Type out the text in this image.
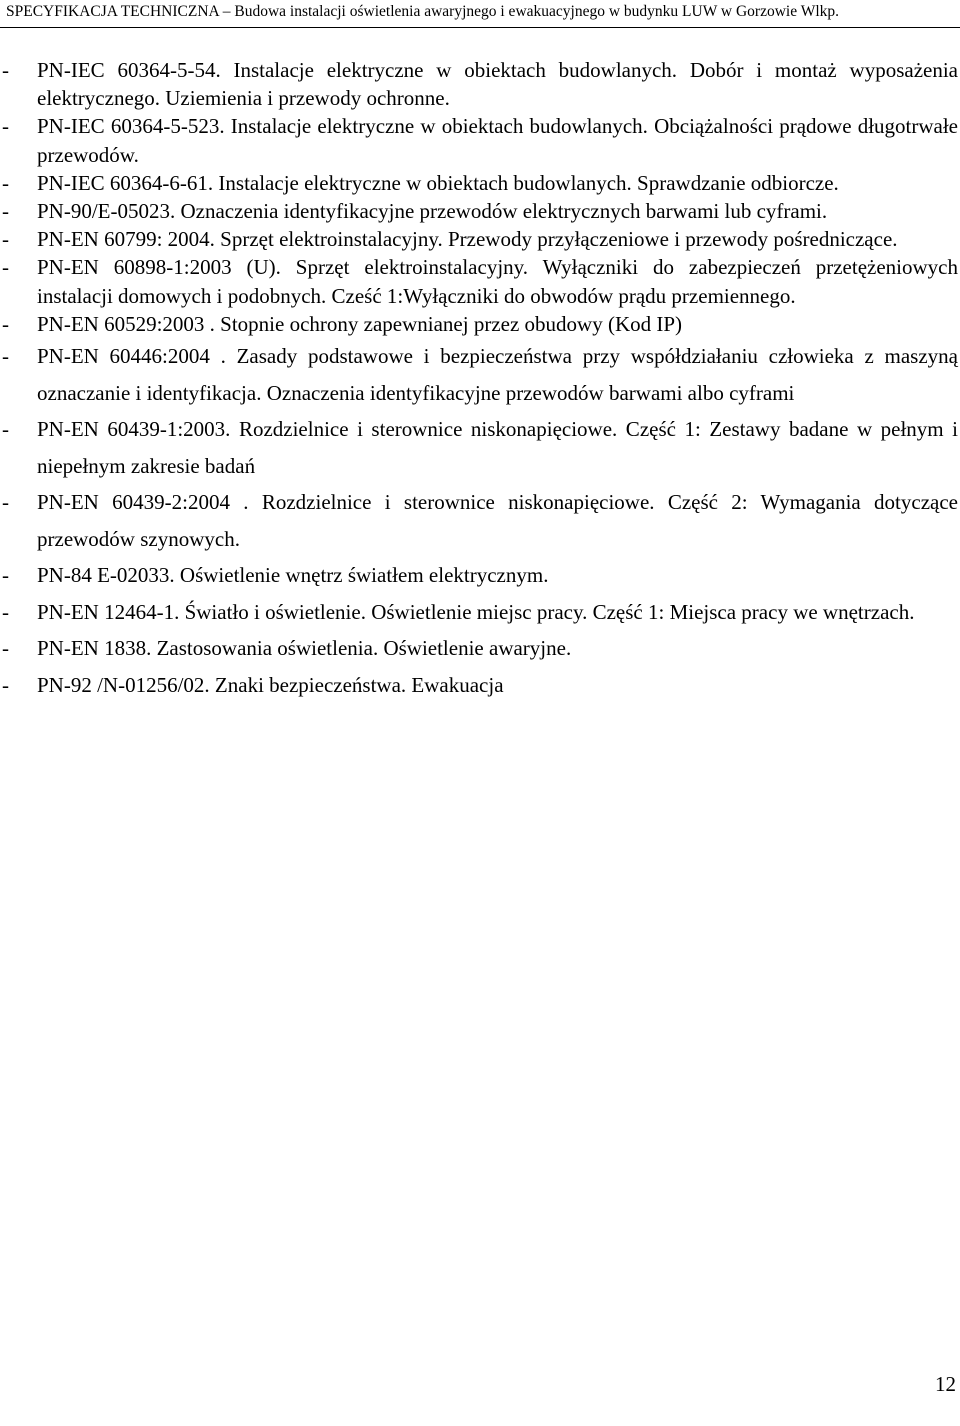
SPECYFIKACJA TECHNICZNA – Budowa instalacji oświetlenia awaryjnego i ewakuacyjnego w budynku LUW w Gorzowie Wlkp.
- PN-IEC 60364-5-54. Instalacje elektryczne w obiektach budowlanych. Dobór i montaż wyposażenia elektrycznego. Uziemienia i przewody ochronne.
- PN-IEC 60364-5-523. Instalacje elektryczne w obiektach budowlanych. Obciążalności prądowe długotrwałe przewodów.
- PN-IEC 60364-6-61. Instalacje elektryczne w obiektach budowlanych. Sprawdzanie odbiorcze.
- PN-90/E-05023. Oznaczenia identyfikacyjne przewodów elektrycznych barwami lub cyframi.
- PN-EN 60799: 2004. Sprzęt elektroinstalacyjny. Przewody przyłączeniowe i przewody pośredniczące.
- PN-EN 60898-1:2003 (U). Sprzęt elektroinstalacyjny. Wyłączniki do zabezpieczeń przetężeniowych instalacji domowych i podobnych. Cześć 1:Wyłączniki do obwodów prądu przemiennego.
- PN-EN 60529:2003 . Stopnie ochrony zapewnianej przez obudowy (Kod IP)
- PN-EN 60446:2004 . Zasady podstawowe i bezpieczeństwa przy współdziałaniu człowieka z maszyną oznaczanie i identyfikacja. Oznaczenia identyfikacyjne przewodów barwami albo cyframi
- PN-EN 60439-1:2003. Rozdzielnice i sterownice niskonapięciowe. Część 1: Zestawy badane w pełnym i niepełnym zakresie badań
- PN-EN 60439-2:2004 . Rozdzielnice i sterownice niskonapięciowe. Część 2: Wymagania dotyczące przewodów szynowych.
- PN-84 E-02033. Oświetlenie wnętrz światłem elektrycznym.
- PN-EN 12464-1. Światło i oświetlenie. Oświetlenie miejsc pracy. Część 1: Miejsca pracy we wnętrzach.
- PN-EN 1838. Zastosowania oświetlenia. Oświetlenie awaryjne.
- PN-92 /N-01256/02. Znaki bezpieczeństwa. Ewakuacja
12
